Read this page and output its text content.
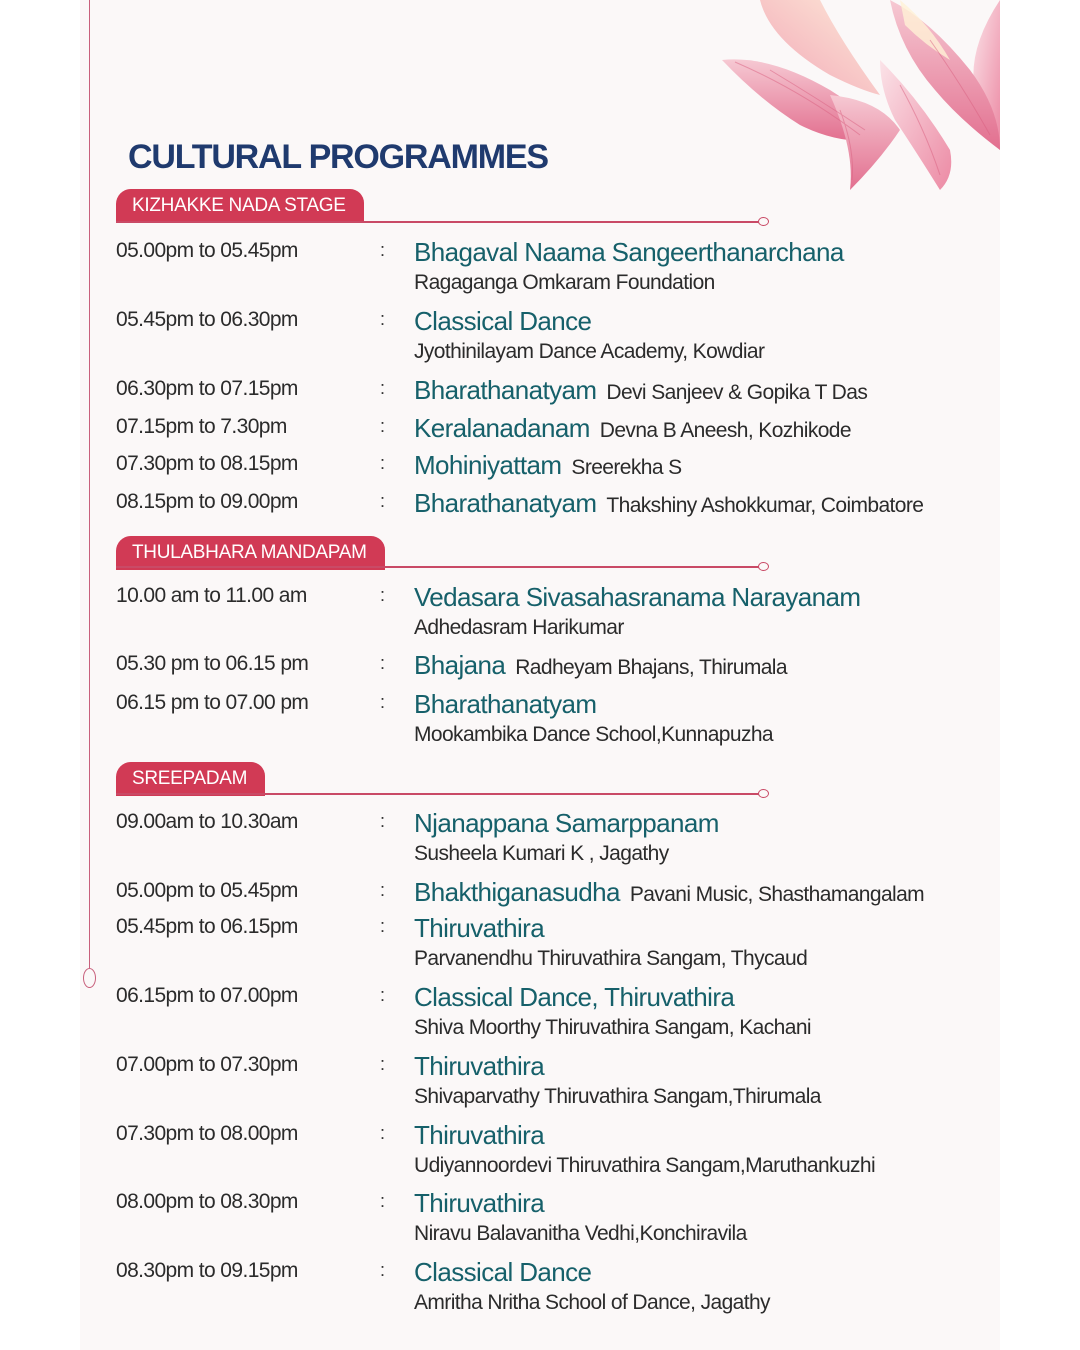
CULTURAL PROGRAMMES
KIZHAKKE NADA STAGE
THULABHARA MANDAPAM
SREEPADAM
05.00pm to 05.45pm	: Bhagaval Naama Sangeerthanarchana
Ragaganga Omkaram Foundation
05.45pm to 06.30pm	: Classical Dance
Jyothinilayam Dance Academy, Kowdiar
06.30pm to 07.15pm	: Bharathanatyam Devi Sanjeev & Gopika T Das
07.15pm to 7.30pm	: Keralanadanam Devna B Aneesh, Kozhikode
07.30pm to 08.15pm	: Mohiniyattam Sreerekha S
08.15pm to 09.00pm	: Bharathanatyam Thakshiny Ashokkumar, Coimbatore
10.00 am to 11.00 am	: Vedasara Sivasahasranama Narayanam
Adhedasram Harikumar
05.30 pm to 06.15 pm	: Bhajana Radheyam Bhajans, Thirumala
06.15 pm to 07.00 pm	: Bharathanatyam
Mookambika Dance School,Kunnapuzha
09.00am to 10.30am	: Njanappana Samarppanam
Susheela Kumari K , Jagathy
05.00pm to 05.45pm	: Bhakthiganasudha Pavani Music, Shasthamangalam
05.45pm to 06.15pm	: Thiruvathira
Parvanendhu Thiruvathira Sangam, Thycaud
06.15pm to 07.00pm	: Classical Dance, Thiruvathira
Shiva Moorthy Thiruvathira Sangam, Kachani
07.00pm to 07.30pm	: Thiruvathira
Shivaparvathy Thiruvathira Sangam,Thirumala
07.30pm to 08.00pm	: Thiruvathira
Udiyannoordevi Thiruvathira Sangam,Maruthankuzhi
08.00pm to 08.30pm	: Thiruvathira
Niravu Balavanitha Vedhi,Konchiravila
08.30pm to 09.15pm	: Classical Dance
Amritha Nritha School of Dance, Jagathy
